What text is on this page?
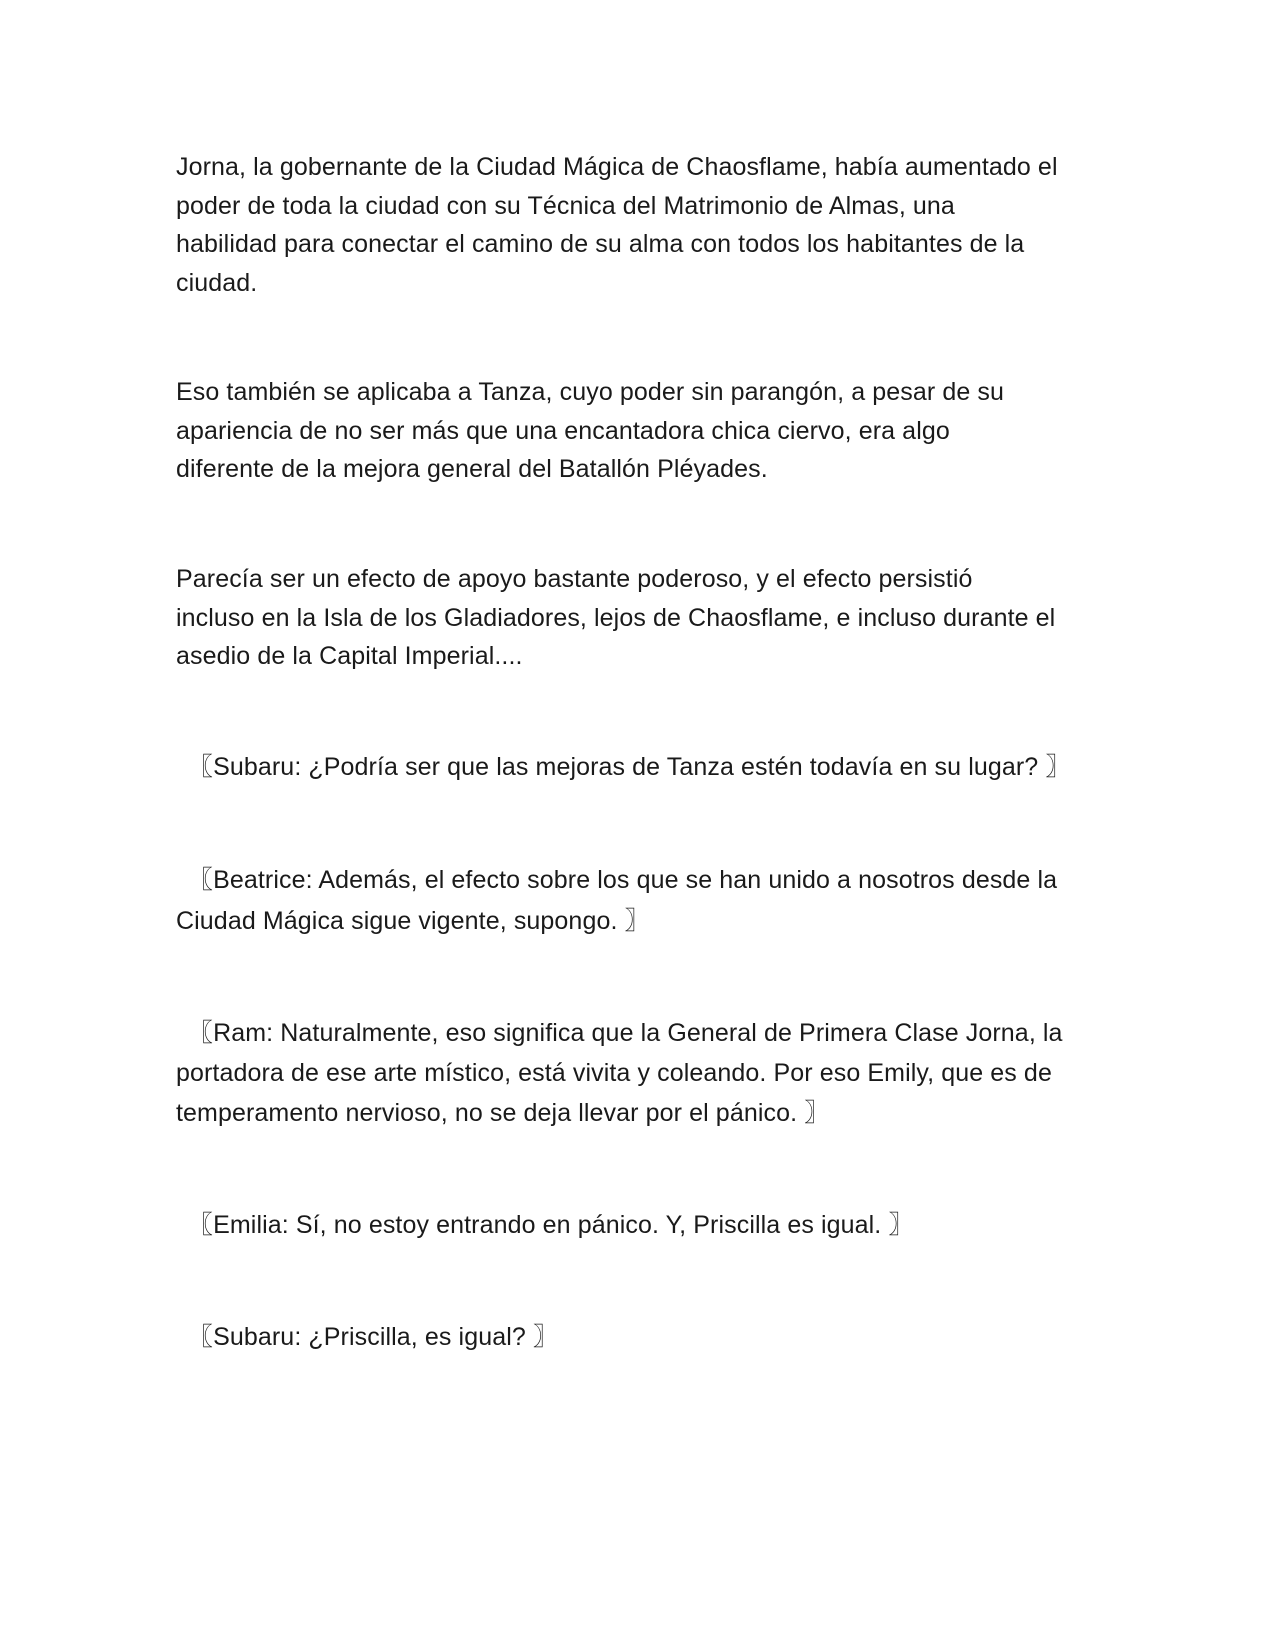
Jorna, la gobernante de la Ciudad Mágica de Chaosflame, había aumentado el
poder de toda la ciudad con su Técnica del Matrimonio de Almas, una
habilidad para conectar el camino de su alma con todos los habitantes de la
ciudad.

Eso también se aplicaba a Tanza, cuyo poder sin parangón, a pesar de su
apariencia de no ser más que una encantadora chica ciervo, era algo
diferente de la mejora general del Batallón Pléyades.

Parecía ser un efecto de apoyo bastante poderoso, y el efecto persistió
incluso en la Isla de los Gladiadores, lejos de Chaosflame, e incluso durante el
asedio de la Capital Imperial....

〖Subaru: ¿Podría ser que las mejoras de Tanza estén todavía en su lugar? 〗

〖Beatrice: Además, el efecto sobre los que se han unido a nosotros desde la
Ciudad Mágica sigue vigente, supongo. 〗

〖Ram: Naturalmente, eso significa que la General de Primera Clase Jorna, la
portadora de ese arte místico, está vivita y coleando. Por eso Emily, que es de
temperamento nervioso, no se deja llevar por el pánico. 〗

〖Emilia: Sí, no estoy entrando en pánico. Y, Priscilla es igual. 〗

〖Subaru: ¿Priscilla, es igual? 〗
